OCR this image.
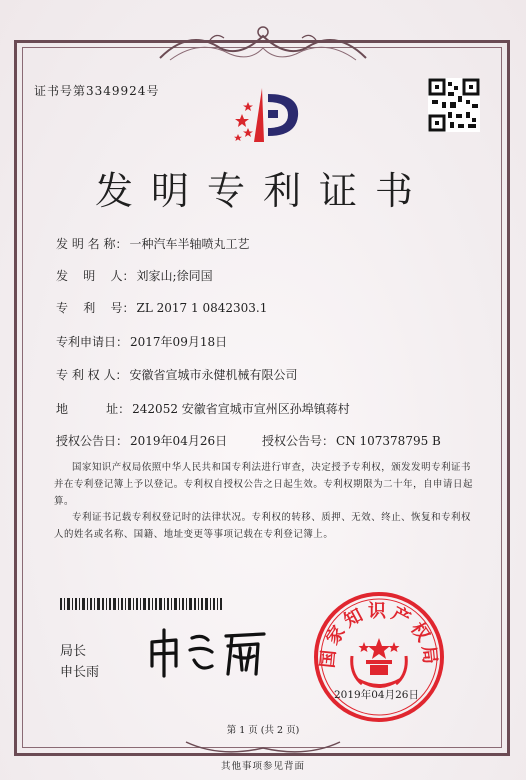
证书号第3349924号
发明专利证书
发 明 名 称： 一种汽车半轴喷丸工艺
发    明    人： 刘家山;徐同国
专    利    号： ZL 2017 1 0842303.1
专利申请日： 2017年09月18日
专 利 权 人： 安徽省宣城市永健机械有限公司
地          址： 242052 安徽省宣城市宣州区孙埠镇蒋村
授权公告日： 2019年04月26日	授权公告号： CN 107378795 B
国家知识产权局依照中华人民共和国专利法进行审查，决定授予专利权，颁发发明专利证书并在专利登记簿上予以登记。专利权自授权公告之日起生效。专利权期限为二十年，自申请日起算。
专利证书记载专利权登记时的法律状况。专利权的转移、质押、无效、终止、恢复和专利权人的姓名或名称、国籍、地址变更等事项记载在专利登记簿上。
局长
申长雨
国家知识产权局
2019年04月26日
第 1 页 (共 2 页)
其他事项参见背面
